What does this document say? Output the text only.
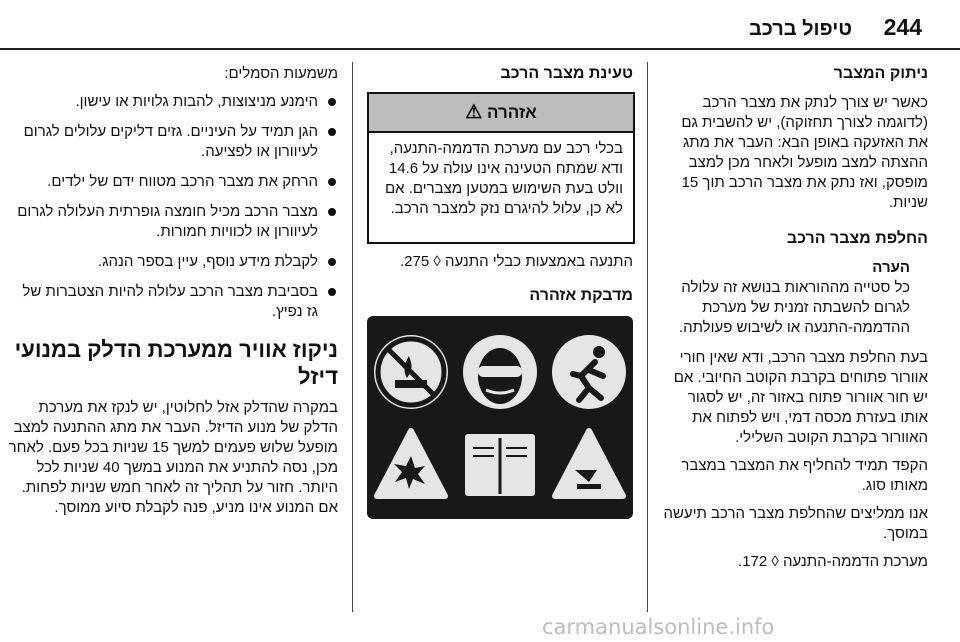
244
טיפול ברכב
ניתוק המצבר

כאשר יש צורך לנתק את מצבר הרכב (לדוגמה לצורך תחזוקה), יש להשבית גם את האזעקה באופן הבא: העבר את מתג ההצתה למצב מופעל ולאחר מכן למצב מופסק, ואז נתק את מצבר הרכב תוך 15 שניות.

החלפת מצבר הרכב

הערה

כל סטייה מההוראות בנושא זה עלולה לגרום להשבתה זמנית של מערכת ההדממה-התנעה או לשיבוש פעולתה.

בעת החלפת מצבר הרכב, ודא שאין חורי אוורור פתוחים בקרבת הקוטב החיובי. אם יש חור אוורור פתוח באזור זה, יש לסגור אותו בעזרת מכסה דמי, ויש לפתוח את האוורור בקרבת הקוטב השלילי.

הקפד תמיד להחליף את המצבר במצבר מאותו סוג.

אנו ממליצים שהחלפת מצבר הרכב תיעשה במוסך.

מערכת הדממה-התנעה ◊ 172.

טעינת מצבר הרכב
אזהרה ⚠
בכלי רכב עם מערכת הדממה-התנעה, ודא שמתח הטעינה אינו עולה על 14.6 וולט בעת השימוש במטען מצברים. אם לא כן, עלול להיגרם נזק למצבר הרכב.

התנעה באמצעות כבלי התנעה ◊ 275.

מדבקת אזהרה

משמעות הסמלים:

הימנע מניצוצות, להבות גלויות או עישון.
הגן תמיד על העיניים. גזים דליקים עלולים לגרום לעיוורון או לפציעה.
הרחק את מצבר הרכב מטווח ידם של ילדים.
מצבר הרכב מכיל חומצה גופרתית העלולה לגרום לעיוורון או לכוויות חמורות.
לקבלת מידע נוסף, עיין בספר הנהג.
בסביבת מצבר הרכב עלולה להיות הצטברות של גז נפיץ.
ניקוז אוויר ממערכת הדלק במנועי דיזל

במקרה שהדלק אזל לחלוטין, יש לנקז את מערכת הדלק של מנוע הדיזל. העבר את מתג ההתנעה למצב מופעל שלוש פעמים למשך 15 שניות בכל פעם. לאחר מכן, נסה להתניע את המנוע במשך 40 שניות לכל היותר. חזור על תהליך זה לאחר חמש שניות לפחות. אם המנוע אינו מניע, פנה לקבלת סיוע ממוסך.

carmanualsonline.info
